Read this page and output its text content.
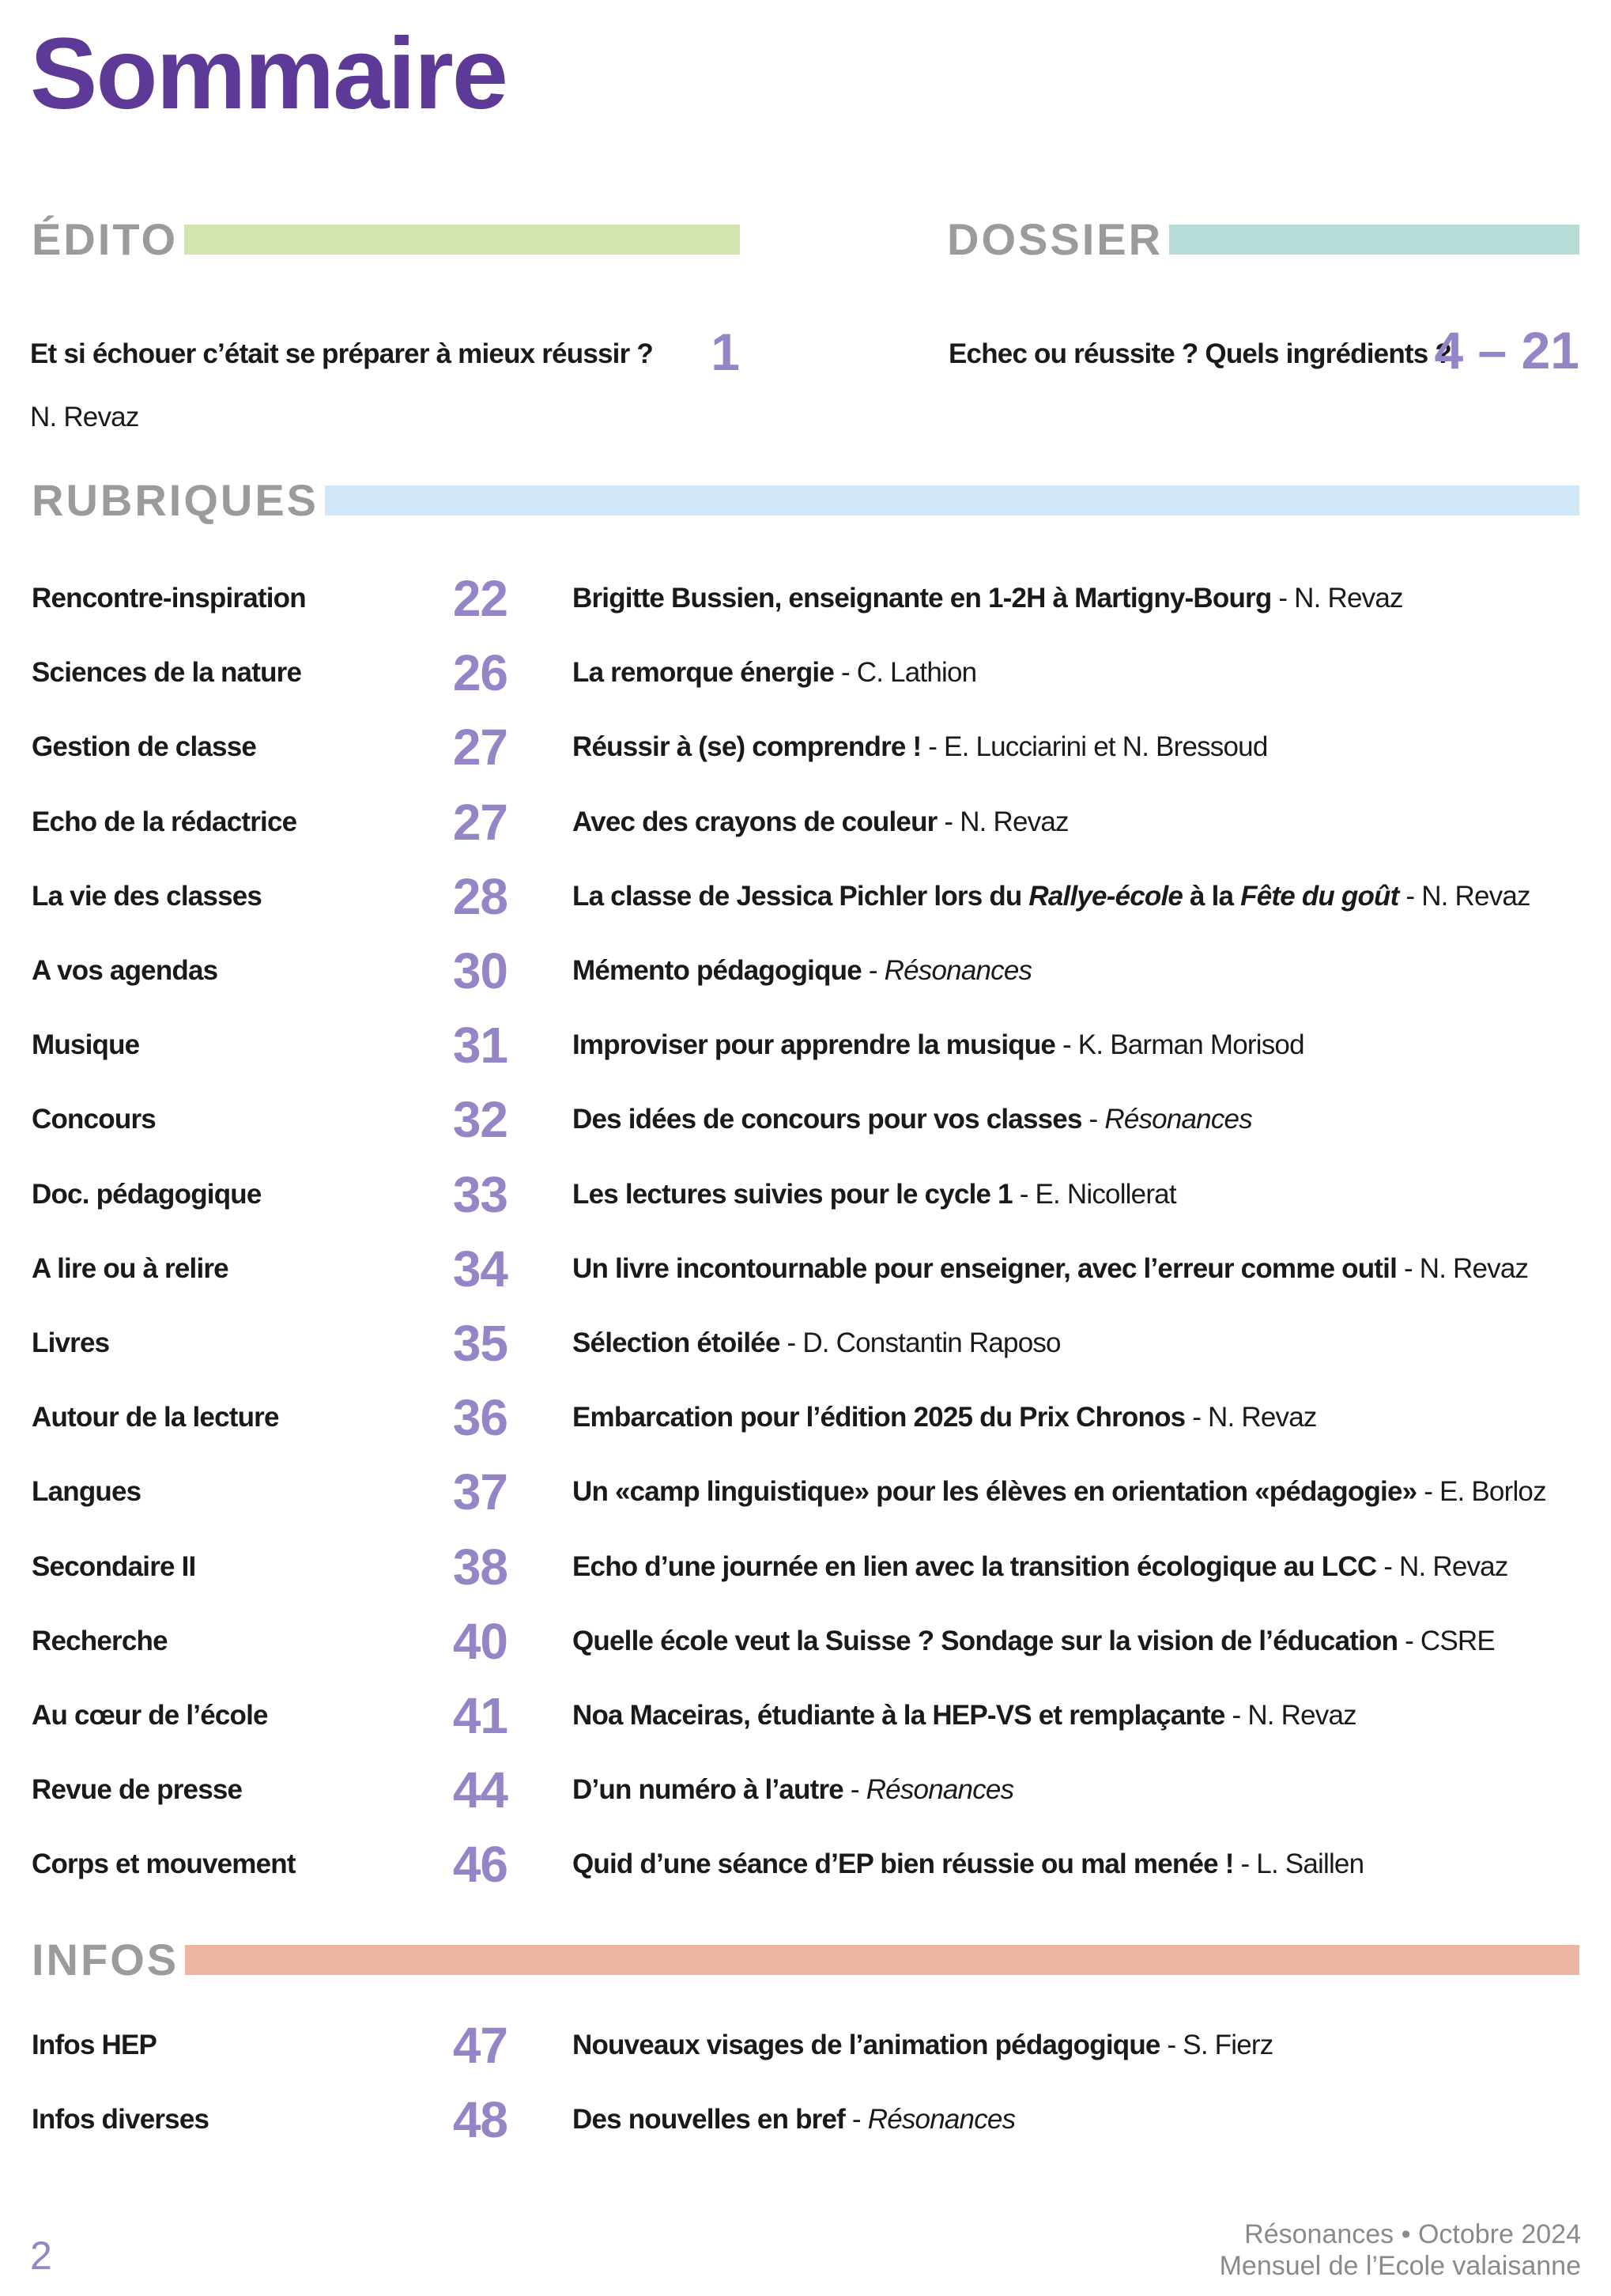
Sommaire
ÉDITO
Et si échouer c’était se préparer à mieux réussir ?	1
N. Revaz
DOSSIER
Echec ou réussite ? Quels ingrédients ?
4 – 21
RUBRIQUES
Rencontre-inspiration	22 Brigitte Bussien, enseignante en 1-2H à Martigny-Bourg - N. Revaz
Sciences de la nature	26 La remorque énergie - C. Lathion
Gestion de classe	27 Réussir à (se) comprendre ! - E. Lucciarini et N. Bressoud
Echo de la rédactrice	27 Avec des crayons de couleur - N. Revaz
La vie des classes	28 La classe de Jessica Pichler lors du Rallye-école à la Fête du goût - N. Revaz
A vos agendas	30 Mémento pédagogique - Résonances
Musique	31 Improviser pour apprendre la musique - K. Barman Morisod
Concours	32 Des idées de concours pour vos classes - Résonances
Doc. pédagogique	33 Les lectures suivies pour le cycle 1 - E. Nicollerat
A lire ou à relire	34 Un livre incontournable pour enseigner, avec l’erreur comme outil - N. Revaz
Livres	35 Sélection étoilée - D. Constantin Raposo
Autour de la lecture	36 Embarcation pour l’édition 2025 du Prix Chronos - N. Revaz
Langues	37 Un «camp linguistique» pour les élèves en orientation «pédagogie» - E. Borloz
Secondaire II	38 Echo d’une journée en lien avec la transition écologique au LCC - N. Revaz
Recherche	40 Quelle école veut la Suisse ? Sondage sur la vision de l’éducation - CSRE
Au cœur de l’école	41 Noa Maceiras, étudiante à la HEP-VS et remplaçante - N. Revaz
Revue de presse	44 D’un numéro à l’autre - Résonances
Corps et mouvement	46 Quid d’une séance d’EP bien réussie ou mal menée ! - L. Saillen
INFOS
Infos HEP	47 Nouveaux visages de l’animation pédagogique - S. Fierz
Infos diverses	48 Des nouvelles en bref - Résonances
2	Résonances • Octobre 2024
Mensuel de l’Ecole valaisanne
